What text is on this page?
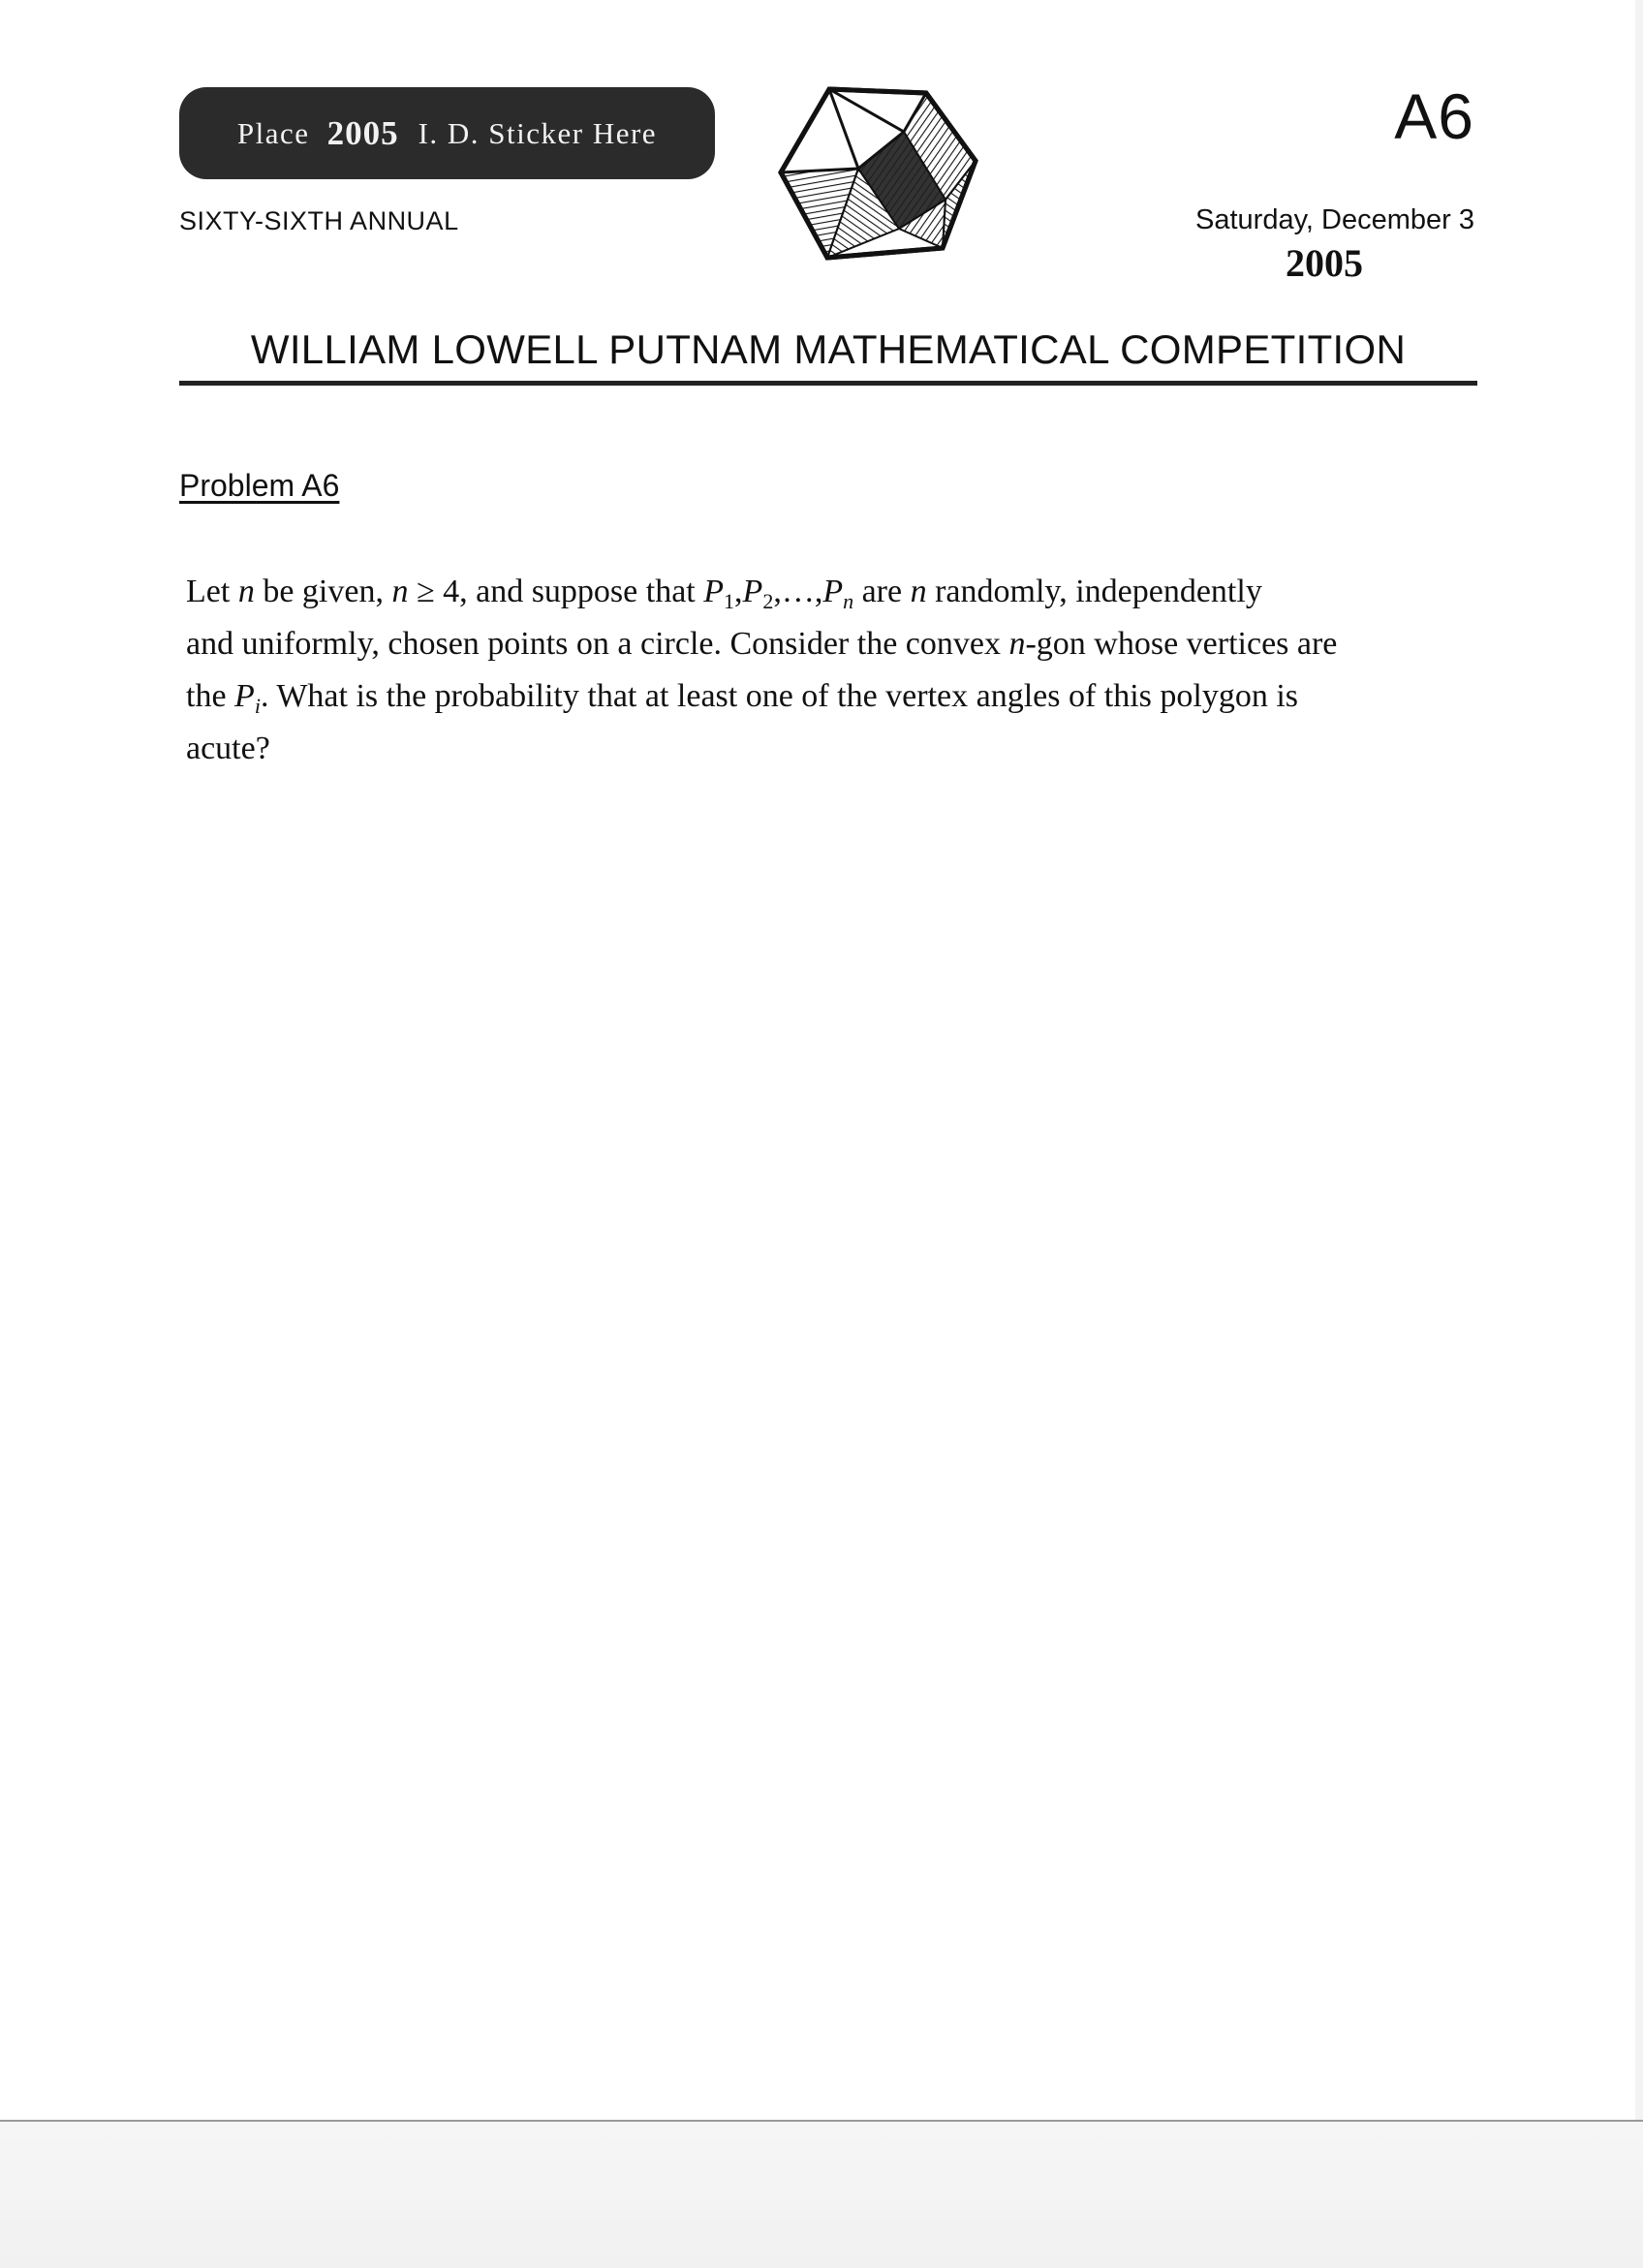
Place 2005 I. D. Sticker Here	A6
SIXTY-SIXTH ANNUAL	Saturday, December 3
2005
WILLIAM LOWELL PUTNAM MATHEMATICAL COMPETITION
Problem A6
Let n be given, n ≥ 4, and suppose that $P_1,P_2,\dots,P_n$ are n randomly, independently
and uniformly, chosen points on a circle. Consider the convex n-gon whose vertices are
the $P_i$. What is the probability that at least one of the vertex angles of this polygon is
acute?
